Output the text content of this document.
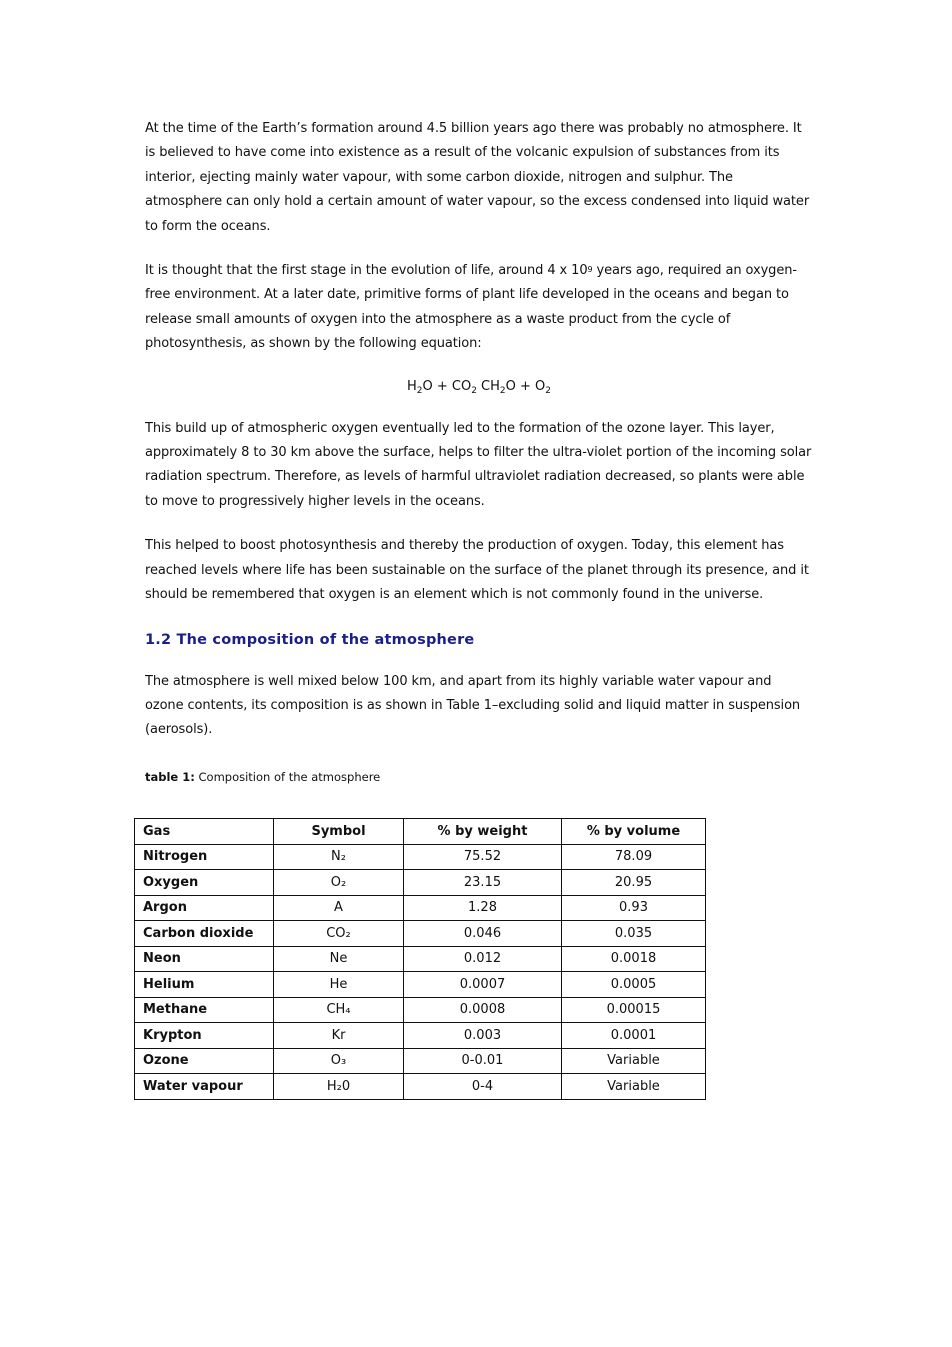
At the time of the Earth’s formation around 4.5 billion years ago there was probably no atmosphere. It is believed to have come into existence as a result of the volcanic expulsion of substances from its interior, ejecting mainly water vapour, with some carbon dioxide, nitrogen and sulphur. The atmosphere can only hold a certain amount of water vapour, so the excess condensed into liquid water to form the oceans.

It is thought that the first stage in the evolution of life, around 4 x $10^9$ years ago, required an oxygen-free environment. At a later date, primitive forms of plant life developed in the oceans and began to release small amounts of oxygen into the atmosphere as a waste product from the cycle of photosynthesis, as shown by the following equation:

$H_2O + CO_2$ $CH_2O + O_2$

This build up of atmospheric oxygen eventually led to the formation of the ozone layer. This layer, approximately 8 to 30 km above the surface, helps to filter the ultra-violet portion of the incoming solar radiation spectrum. Therefore, as levels of harmful ultraviolet radiation decreased, so plants were able to move to progressively higher levels in the oceans.

This helped to boost photosynthesis and thereby the production of oxygen. Today, this element has reached levels where life has been sustainable on the surface of the planet through its presence, and it should be remembered that oxygen is an element which is not commonly found in the universe.

1.2 The composition of the atmosphere

The atmosphere is well mixed below 100 km, and apart from its highly variable water vapour and ozone contents, its composition is as shown in Table 1–excluding solid and liquid matter in suspension (aerosols).

table 1: Composition of the atmosphere
Gas	Symbol	% by weight	% by volume
Nitrogen	N₂	75.52	78.09
Oxygen	O₂	23.15	20.95
Argon	A	1.28	0.93
Carbon dioxide	CO₂	0.046	0.035
Neon	Ne	0.012	0.0018
Helium	He	0.0007	0.0005
Methane	CH₄	0.0008	0.00015
Krypton	Kr	0.003	0.0001
Ozone	O₃	0-0.01	Variable
Water vapour	H₂0	0-4	Variable
